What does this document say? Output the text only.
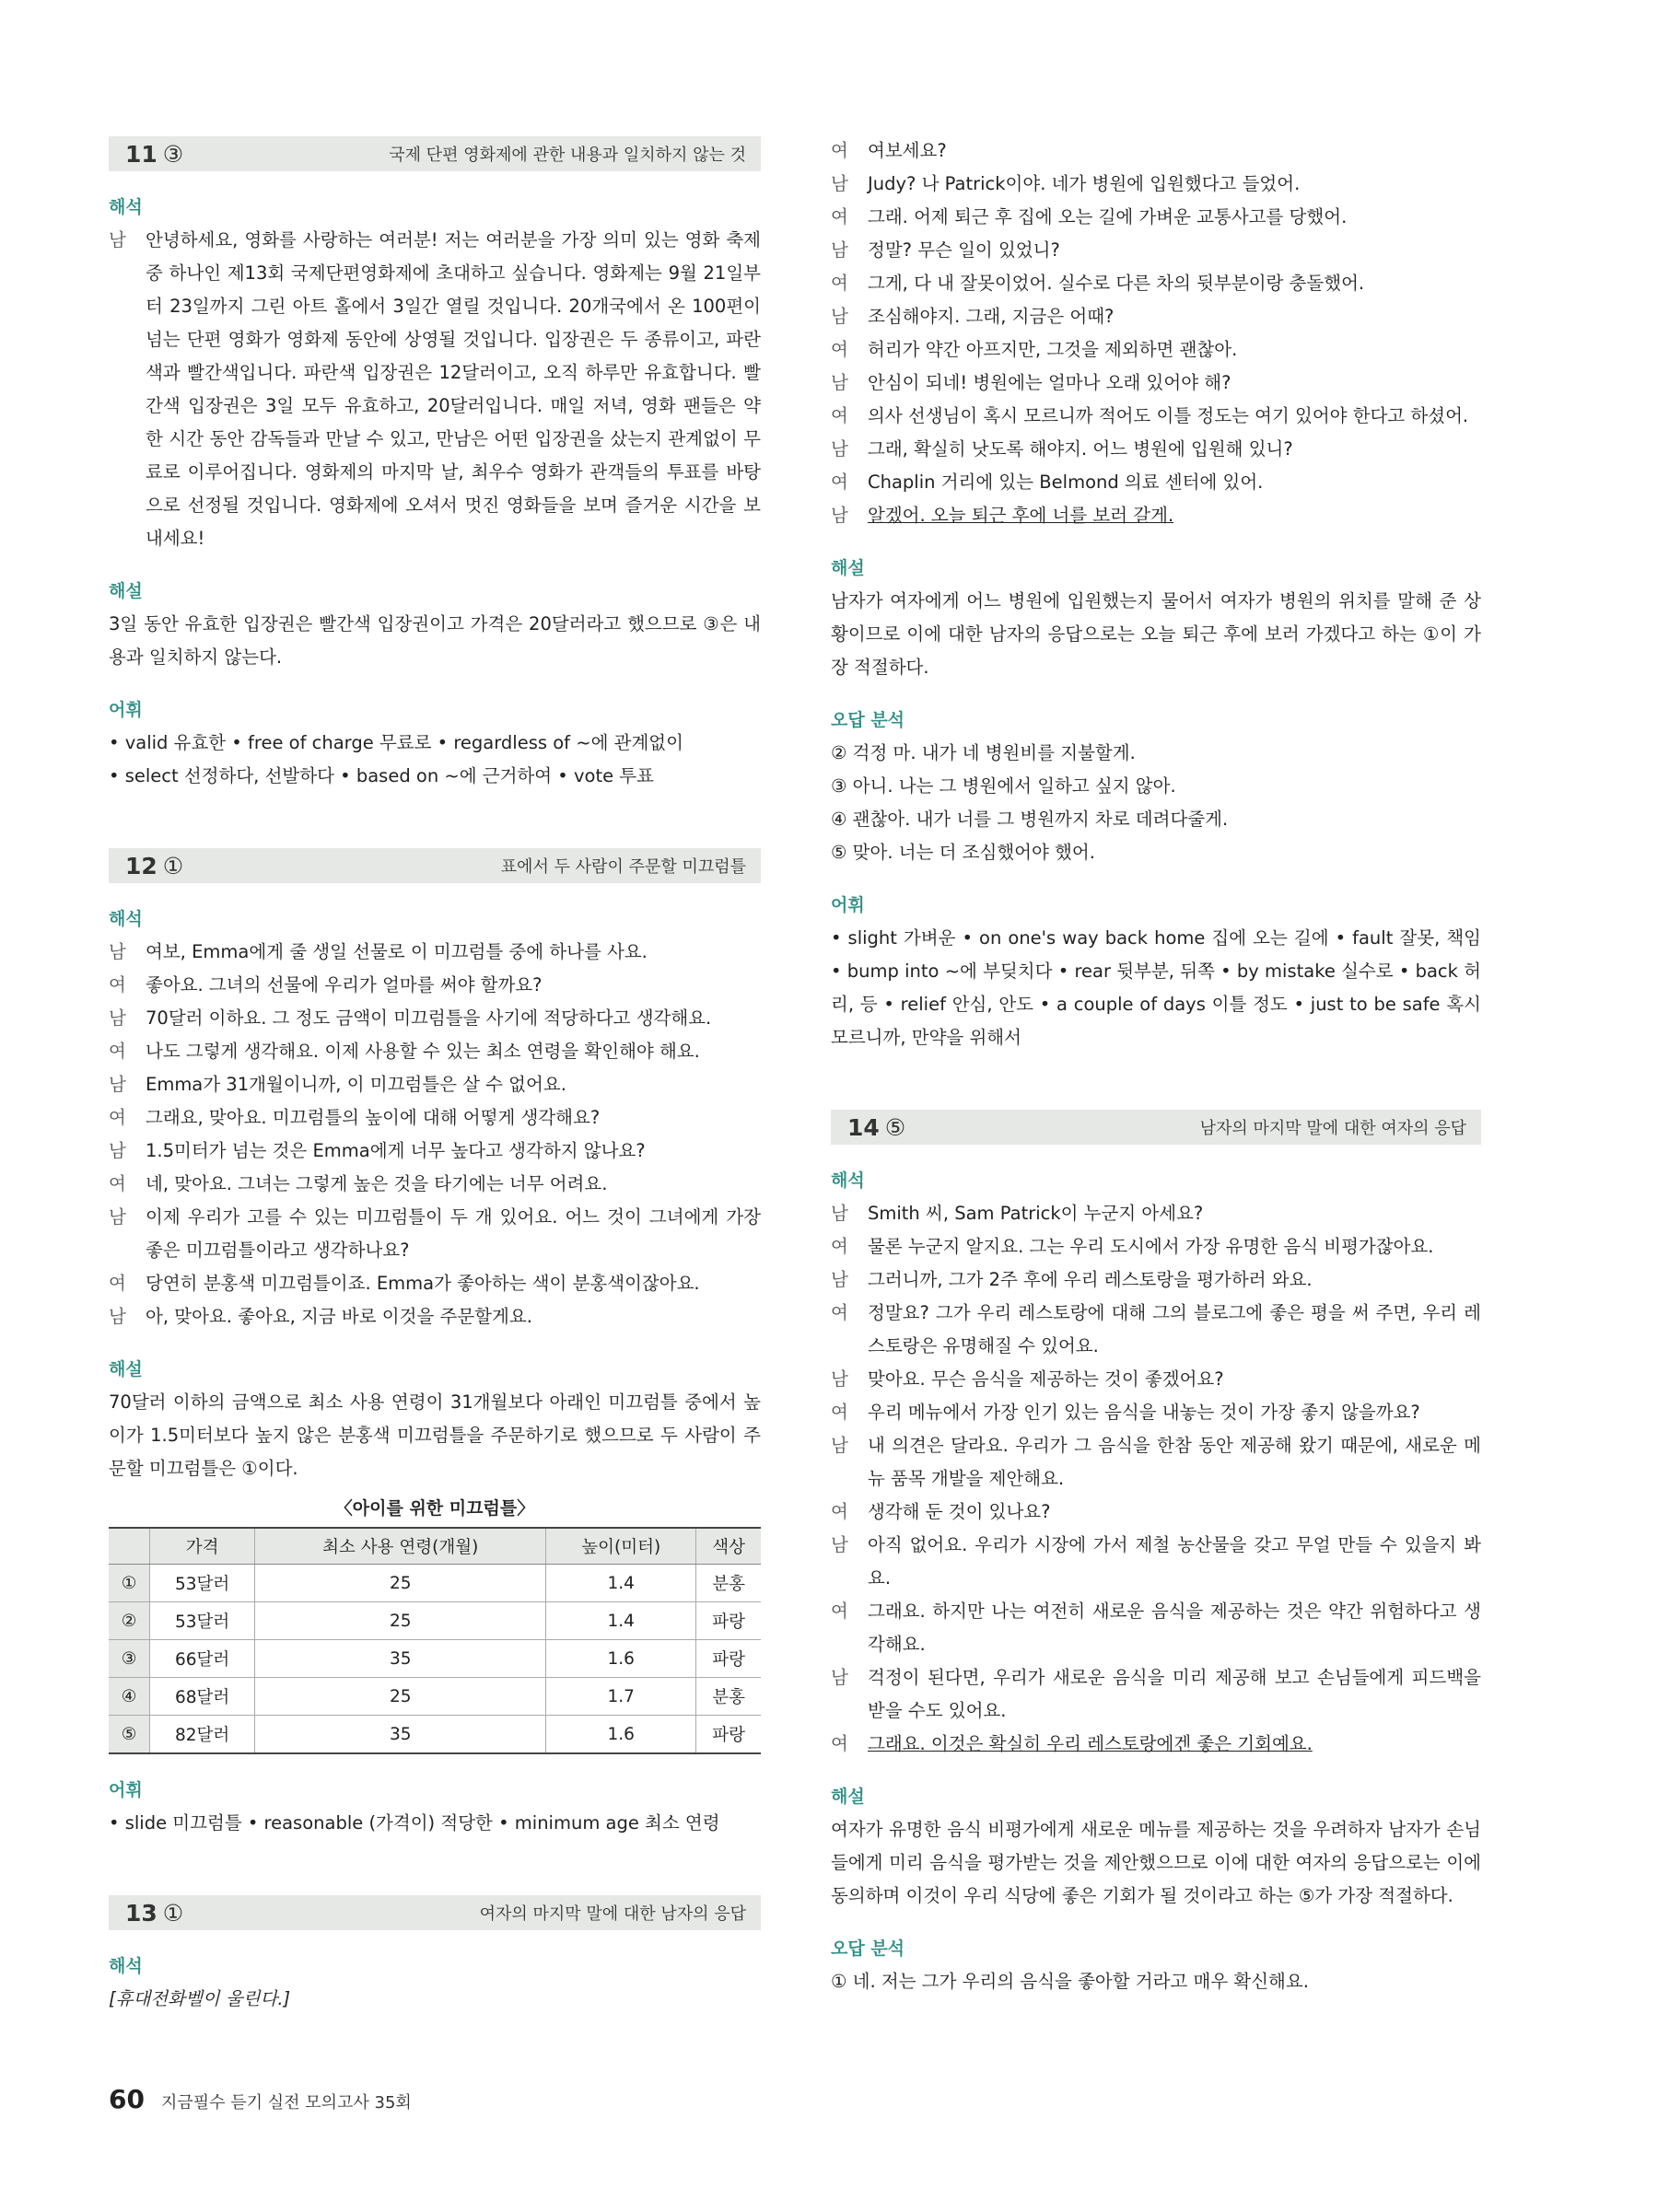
11 ③	국제 단편 영화제에 관한 내용과 일치하지 않는 것
해석
남	안녕하세요, 영화를 사랑하는 여러분! 저는 여러분을 가장 의미 있는 영화 축제 중 하나인 제13회 국제단편영화제에 초대하고 싶습니다. 영화제는 9월 21일부터 23일까지 그린 아트 홀에서 3일간 열릴 것입니다. 20개국에서 온 100편이 넘는 단편 영화가 영화제 동안에 상영될 것입니다. 입장권은 두 종류이고, 파란색과 빨간색입니다. 파란색 입장권은 12달러이고, 오직 하루만 유효합니다. 빨간색 입장권은 3일 모두 유효하고, 20달러입니다. 매일 저녁, 영화 팬들은 약 한 시간 동안 감독들과 만날 수 있고, 만남은 어떤 입장권을 샀는지 관계없이 무료로 이루어집니다. 영화제의 마지막 날, 최우수 영화가 관객들의 투표를 바탕으로 선정될 것입니다. 영화제에 오셔서 멋진 영화들을 보며 즐거운 시간을 보내세요!
해설
3일 동안 유효한 입장권은 빨간색 입장권이고 가격은 20달러라고 했으므로 ③은 내용과 일치하지 않는다.
어휘
• valid 유효한 • free of charge 무료로 • regardless of ~에 관계없이
• select 선정하다, 선발하다 • based on ~에 근거하여 • vote 투표
12 ①	표에서 두 사람이 주문할 미끄럼틀
해석
남	여보, Emma에게 줄 생일 선물로 이 미끄럼틀 중에 하나를 사요.
여	좋아요. 그녀의 선물에 우리가 얼마를 써야 할까요?
남	70달러 이하요. 그 정도 금액이 미끄럼틀을 사기에 적당하다고 생각해요.
여	나도 그렇게 생각해요. 이제 사용할 수 있는 최소 연령을 확인해야 해요.
남	Emma가 31개월이니까, 이 미끄럼틀은 살 수 없어요.
여	그래요, 맞아요. 미끄럼틀의 높이에 대해 어떻게 생각해요?
남	1.5미터가 넘는 것은 Emma에게 너무 높다고 생각하지 않나요?
여	네, 맞아요. 그녀는 그렇게 높은 것을 타기에는 너무 어려요.
남	이제 우리가 고를 수 있는 미끄럼틀이 두 개 있어요. 어느 것이 그녀에게 가장 좋은 미끄럼틀이라고 생각하나요?
여	당연히 분홍색 미끄럼틀이죠. Emma가 좋아하는 색이 분홍색이잖아요.
남	아, 맞아요. 좋아요, 지금 바로 이것을 주문할게요.
해설
70달러 이하의 금액으로 최소 사용 연령이 31개월보다 아래인 미끄럼틀 중에서 높이가 1.5미터보다 높지 않은 분홍색 미끄럼틀을 주문하기로 했으므로 두 사람이 주문할 미끄럼틀은 ①이다.
〈아이를 위한 미끄럼틀〉
	가격	최소 사용 연령(개월)	높이(미터)	색상
①	53달러	25	1.4	분홍
②	53달러	25	1.4	파랑
③	66달러	35	1.6	파랑
④	68달러	25	1.7	분홍
⑤	82달러	35	1.6	파랑
어휘
• slide 미끄럼틀 • reasonable (가격이) 적당한 • minimum age 최소 연령
13 ①	여자의 마지막 말에 대한 남자의 응답
해석
[휴대전화벨이 울린다.]
여	여보세요?
남	Judy? 나 Patrick이야. 네가 병원에 입원했다고 들었어.
여	그래. 어제 퇴근 후 집에 오는 길에 가벼운 교통사고를 당했어.
남	정말? 무슨 일이 있었니?
여	그게, 다 내 잘못이었어. 실수로 다른 차의 뒷부분이랑 충돌했어.
남	조심해야지. 그래, 지금은 어때?
여	허리가 약간 아프지만, 그것을 제외하면 괜찮아.
남	안심이 되네! 병원에는 얼마나 오래 있어야 해?
여	의사 선생님이 혹시 모르니까 적어도 이틀 정도는 여기 있어야 한다고 하셨어.
남	그래, 확실히 낫도록 해야지. 어느 병원에 입원해 있니?
여	Chaplin 거리에 있는 Belmond 의료 센터에 있어.
남	알겠어. 오늘 퇴근 후에 너를 보러 갈게.
해설
남자가 여자에게 어느 병원에 입원했는지 물어서 여자가 병원의 위치를 말해 준 상황이므로 이에 대한 남자의 응답으로는 오늘 퇴근 후에 보러 가겠다고 하는 ①이 가장 적절하다.
오답 분석
② 걱정 마. 내가 네 병원비를 지불할게.
③ 아니. 나는 그 병원에서 일하고 싶지 않아.
④ 괜찮아. 내가 너를 그 병원까지 차로 데려다줄게.
⑤ 맞아. 너는 더 조심했어야 했어.
어휘
• slight 가벼운 • on one's way back home 집에 오는 길에 • fault 잘못, 책임 • bump into ~에 부딪치다 • rear 뒷부분, 뒤쪽 • by mistake 실수로 • back 허리, 등 • relief 안심, 안도 • a couple of days 이틀 정도 • just to be safe 혹시 모르니까, 만약을 위해서
14 ⑤	남자의 마지막 말에 대한 여자의 응답
해석
남	Smith 씨, Sam Patrick이 누군지 아세요?
여	물론 누군지 알지요. 그는 우리 도시에서 가장 유명한 음식 비평가잖아요.
남	그러니까, 그가 2주 후에 우리 레스토랑을 평가하러 와요.
여	정말요? 그가 우리 레스토랑에 대해 그의 블로그에 좋은 평을 써 주면, 우리 레스토랑은 유명해질 수 있어요.
남	맞아요. 무슨 음식을 제공하는 것이 좋겠어요?
여	우리 메뉴에서 가장 인기 있는 음식을 내놓는 것이 가장 좋지 않을까요?
남	내 의견은 달라요. 우리가 그 음식을 한참 동안 제공해 왔기 때문에, 새로운 메뉴 품목 개발을 제안해요.
여	생각해 둔 것이 있나요?
남	아직 없어요. 우리가 시장에 가서 제철 농산물을 갖고 무얼 만들 수 있을지 봐요.
여	그래요. 하지만 나는 여전히 새로운 음식을 제공하는 것은 약간 위험하다고 생각해요.
남	걱정이 된다면, 우리가 새로운 음식을 미리 제공해 보고 손님들에게 피드백을 받을 수도 있어요.
여	그래요. 이것은 확실히 우리 레스토랑에겐 좋은 기회예요.
해설
여자가 유명한 음식 비평가에게 새로운 메뉴를 제공하는 것을 우려하자 남자가 손님들에게 미리 음식을 평가받는 것을 제안했으므로 이에 대한 여자의 응답으로는 이에 동의하며 이것이 우리 식당에 좋은 기회가 될 것이라고 하는 ⑤가 가장 적절하다.
오답 분석
① 네. 저는 그가 우리의 음식을 좋아할 거라고 매우 확신해요.
60 지금필수 듣기 실전 모의고사 35회
